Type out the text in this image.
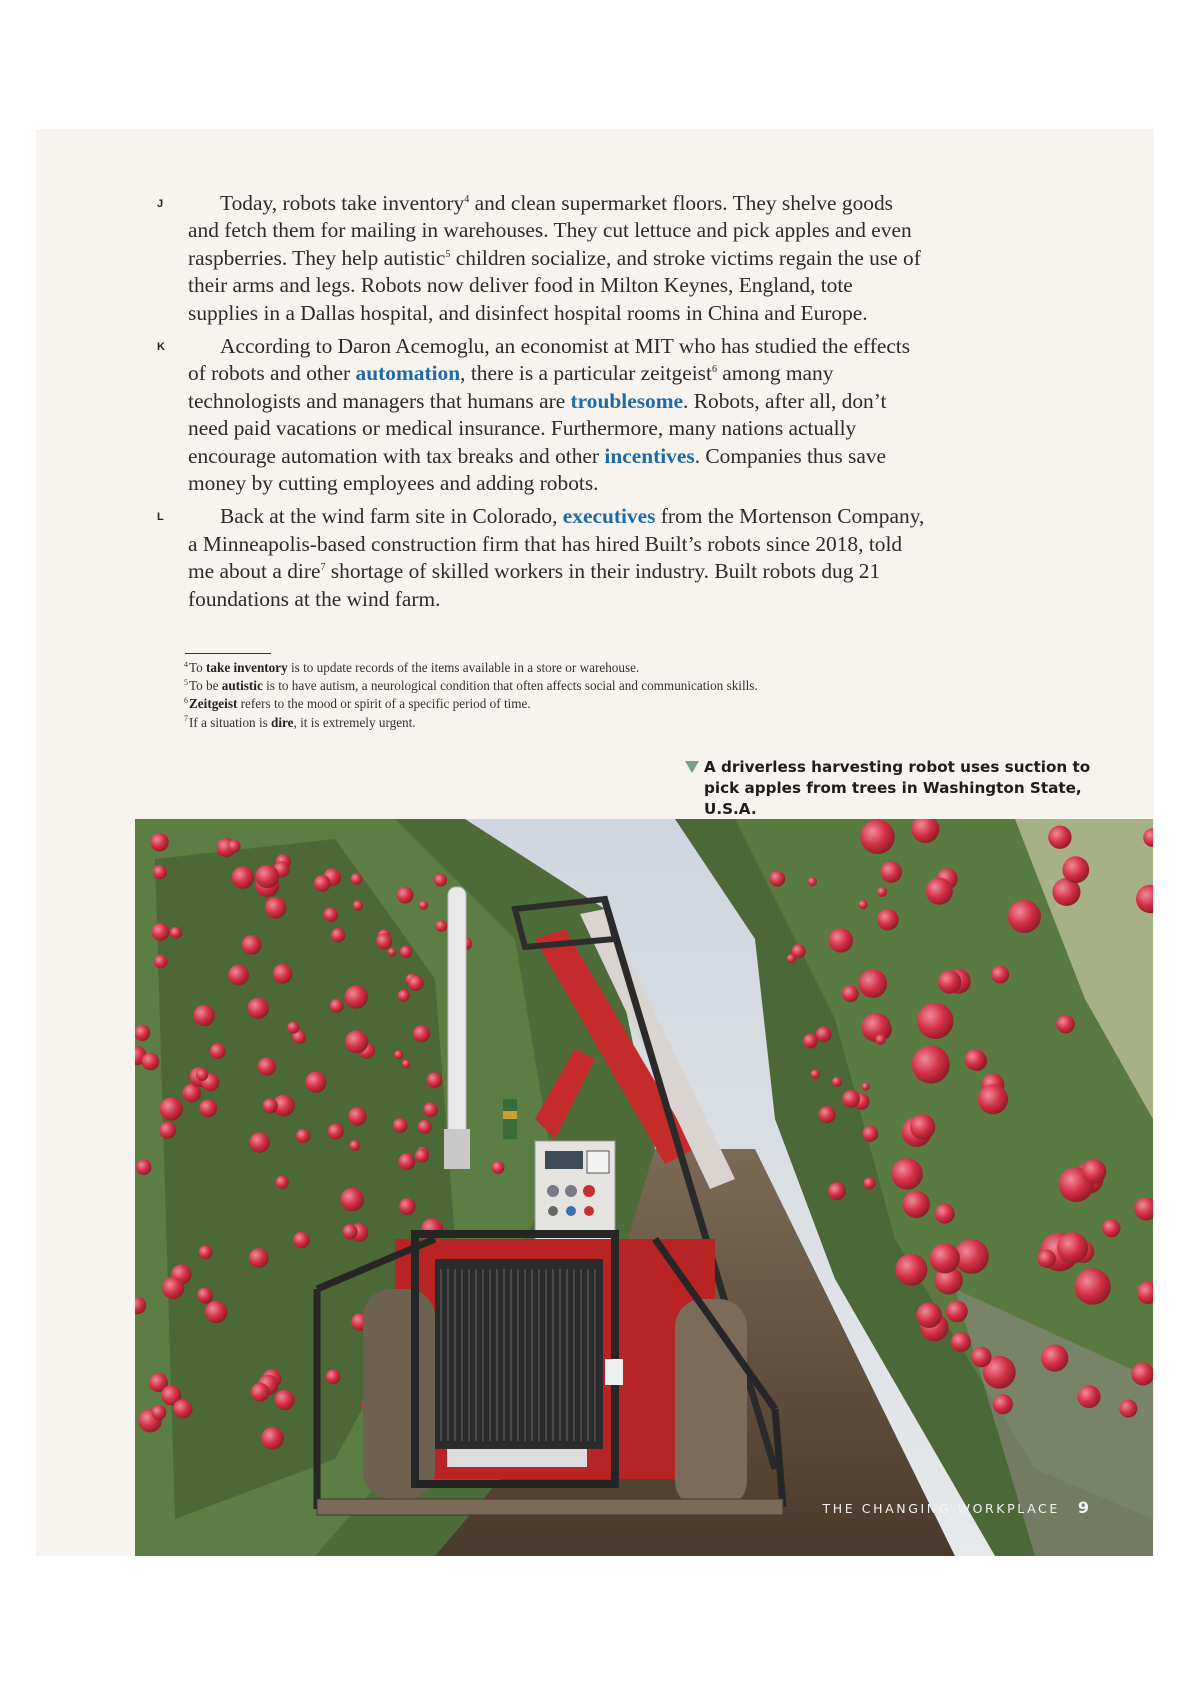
J	Today, robots take inventory$^4$ and clean supermarket floors. They shelve goods and fetch them for mailing in warehouses. They cut lettuce and pick apples and even raspberries. They help autistic$^5$ children socialize, and stroke victims regain the use of their arms and legs. Robots now deliver food in Milton Keynes, England, tote supplies in a Dallas hospital, and disinfect hospital rooms in China and Europe.

K	According to Daron Acemoglu, an economist at MIT who has studied the effects of robots and other automation, there is a particular zeitgeist$^6$ among many technologists and managers that humans are troublesome. Robots, after all, don’t need paid vacations or medical insurance. Furthermore, many nations actually encourage automation with tax breaks and other incentives. Companies thus save money by cutting employees and adding robots.

L	Back at the wind farm site in Colorado, executives from the Mortenson Company, a Minneapolis-based construction firm that has hired Built’s robots since 2018, told me about a dire$^7$ shortage of skilled workers in their industry. Built robots dug 21 foundations at the wind farm.

$^4$To take inventory is to update records of the items available in a store or warehouse.

$^5$To be autistic is to have autism, a neurological condition that often affects social and communication skills.

$^6$Zeitgeist refers to the mood or spirit of a specific period of time.

$^7$If a situation is dire, it is extremely urgent.

A driverless harvesting robot uses suction to pick apples from trees in Washington State, U.S.A.
THE CHANGING WORKPLACE 9
